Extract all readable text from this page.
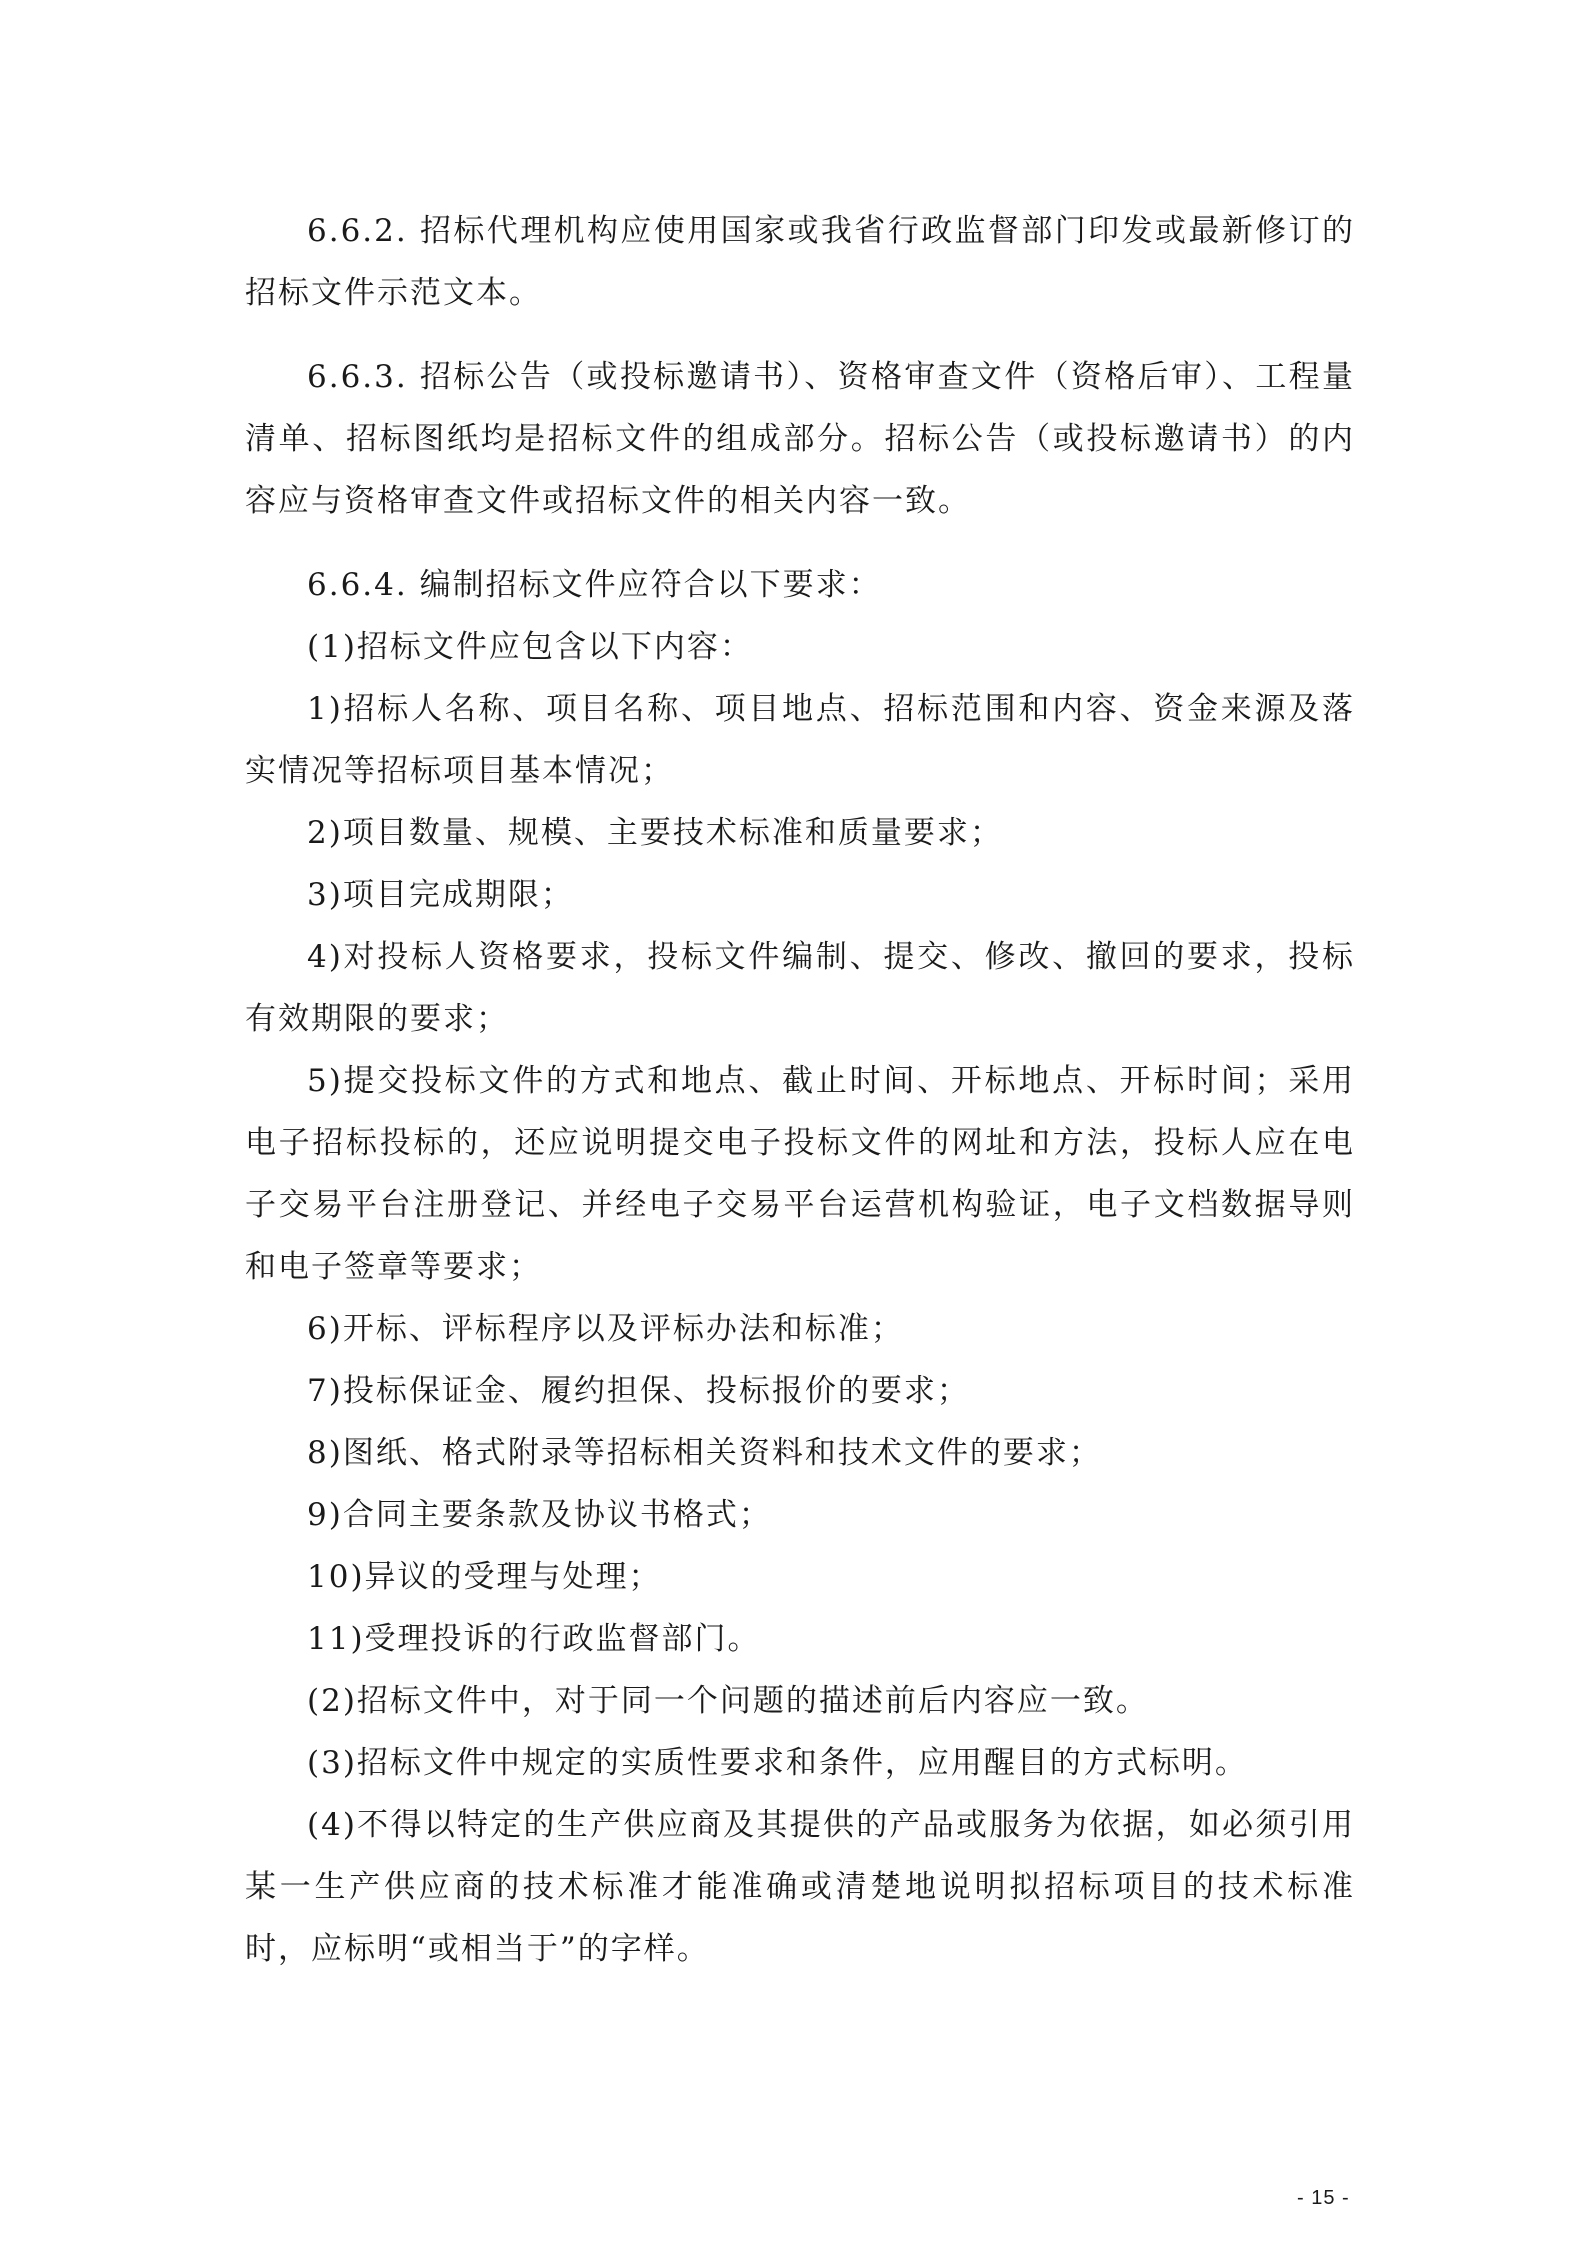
6.6.2. 招标代理机构应使用国家或我省行政监督部门印发或最新修订的招标文件示范文本。

6.6.3. 招标公告（或投标邀请书）、资格审查文件（资格后审）、工程量清单、招标图纸均是招标文件的组成部分。招标公告（或投标邀请书）的内容应与资格审查文件或招标文件的相关内容一致。

6.6.4. 编制招标文件应符合以下要求：

(1)招标文件应包含以下内容：

1)招标人名称、项目名称、项目地点、招标范围和内容、资金来源及落实情况等招标项目基本情况；

2)项目数量、规模、主要技术标准和质量要求；

3)项目完成期限；

4)对投标人资格要求，投标文件编制、提交、修改、撤回的要求，投标有效期限的要求；

5)提交投标文件的方式和地点、截止时间、开标地点、开标时间；采用电子招标投标的，还应说明提交电子投标文件的网址和方法，投标人应在电子交易平台注册登记、并经电子交易平台运营机构验证，电子文档数据导则和电子签章等要求；

6)开标、评标程序以及评标办法和标准；

7)投标保证金、履约担保、投标报价的要求；

8)图纸、格式附录等招标相关资料和技术文件的要求；

9)合同主要条款及协议书格式；

10)异议的受理与处理；

11)受理投诉的行政监督部门。

(2)招标文件中，对于同一个问题的描述前后内容应一致。

(3)招标文件中规定的实质性要求和条件，应用醒目的方式标明。

(4)不得以特定的生产供应商及其提供的产品或服务为依据，如必须引用某一生产供应商的技术标准才能准确或清楚地说明拟招标项目的技术标准时，应标明“或相当于”的字样。

- 15 -
